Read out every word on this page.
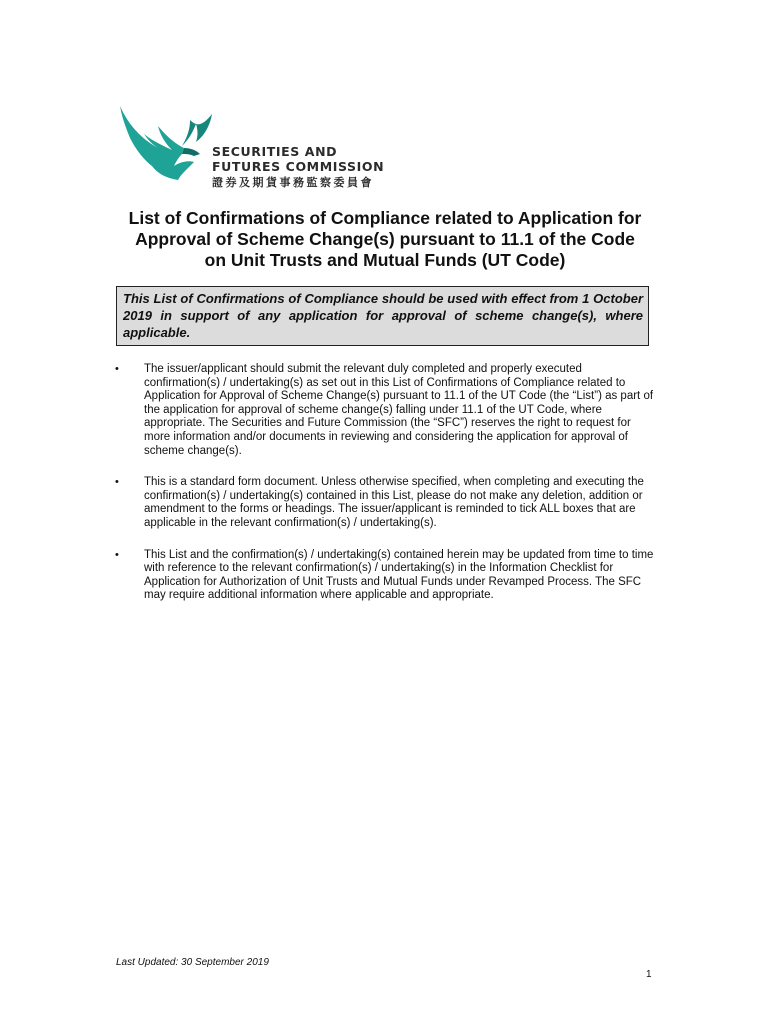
SECURITIES AND
FUTURES COMMISSION
證券及期貨事務監察委員會
List of Confirmations of Compliance related to Application for
Approval of Scheme Change(s) pursuant to 11.1 of the Code
on Unit Trusts and Mutual Funds (UT Code)
This List of Confirmations of Compliance should be used with effect from 1 October 2019 in support of any application for approval of scheme change(s), where applicable.
• The issuer/applicant should submit the relevant duly completed and properly executed confirmation(s) / undertaking(s) as set out in this List of Confirmations of Compliance related to Application for Approval of Scheme Change(s) pursuant to 11.1 of the UT Code (the “List”) as part of the application for approval of scheme change(s) falling under 11.1 of the UT Code, where appropriate. The Securities and Future Commission (the “SFC”) reserves the right to request for more information and/or documents in reviewing and considering the application for approval of scheme change(s).
• This is a standard form document. Unless otherwise specified, when completing and executing the confirmation(s) / undertaking(s) contained in this List, please do not make any deletion, addition or amendment to the forms or headings. The issuer/applicant is reminded to tick ALL boxes that are applicable in the relevant confirmation(s) / undertaking(s).
• This List and the confirmation(s) / undertaking(s) contained herein may be updated from time to time with reference to the relevant confirmation(s) / undertaking(s) in the Information Checklist for Application for Authorization of Unit Trusts and Mutual Funds under Revamped Process. The SFC may require additional information where applicable and appropriate.
Last Updated: 30 September 2019
1
